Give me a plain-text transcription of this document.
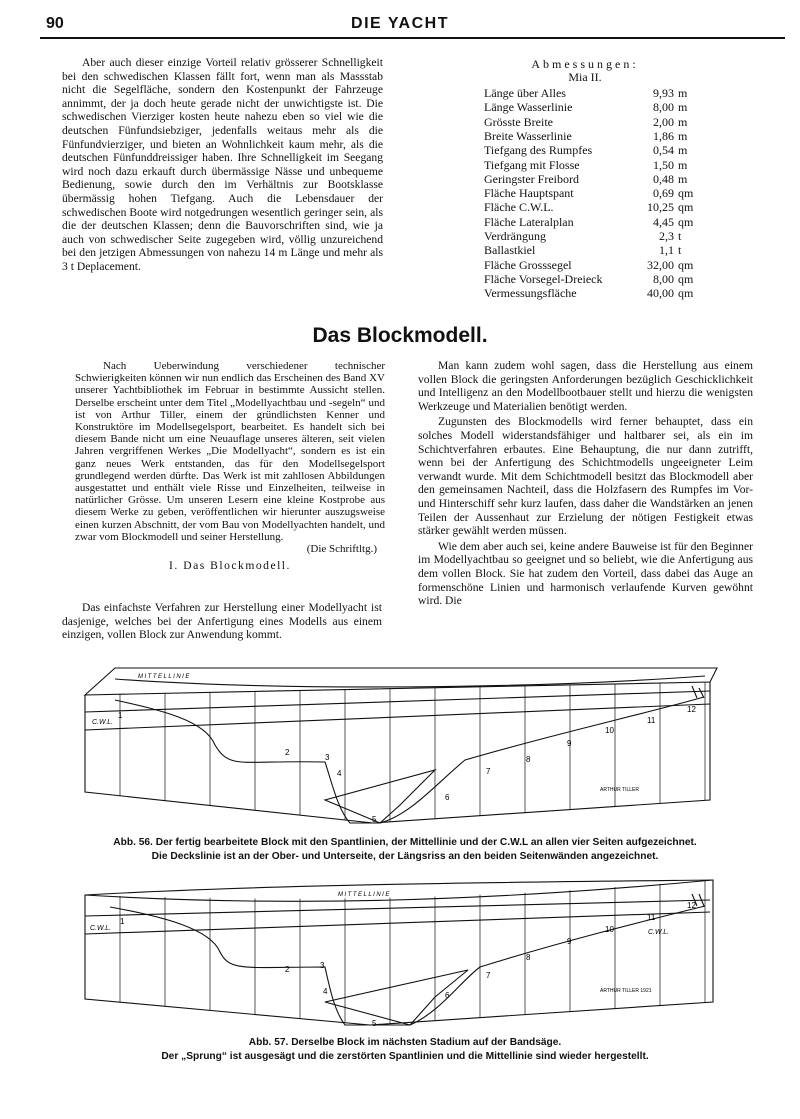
90	DIE YACHT

Aber auch dieser einzige Vorteil relativ grösserer Schnelligkeit bei den schwedischen Klassen fällt fort, wenn man als Massstab nicht die Segelfläche, sondern den Kostenpunkt der Fahrzeuge annimmt, der ja doch heute gerade nicht der unwichtigste ist. Die schwedischen Vierziger kosten heute nahezu eben so viel wie die deutschen Fünfundsiebziger, jedenfalls weitaus mehr als die Fünfundvierziger, und bieten an Wohnlichkeit kaum mehr, als die deutschen Fünfunddreissiger haben. Ihre Schnelligkeit im Seegang wird noch dazu erkauft durch übermässige Nässe und unbequeme Bedienung, sowie durch den im Verhältnis zur Bootsklasse übermässig hohen Tiefgang. Auch die Lebensdauer der schwedischen Boote wird notgedrungen wesentlich geringer sein, als die der deutschen Klassen; denn die Bauvorschriften sind, wie ja auch von schwedischer Seite zugegeben wird, völlig unzureichend bei den jetzigen Abmessungen von nahezu 14 m Länge und mehr als 3 t Deplacement.

Abmessungen:
Mia II.
Länge über Alles	9,93 m
Länge Wasserlinie	8,00 m
Grösste Breite	2,00 m
Breite Wasserlinie	1,86 m
Tiefgang des Rumpfes	0,54 m
Tiefgang mit Flosse	1,50 m
Geringster Freibord	0,48 m
Fläche Hauptspant	0,69 qm
Fläche C.W.L.	10,25 qm
Fläche Lateralplan	4,45 qm
Verdrängung	2,3 t
Ballastkiel	1,1 t
Fläche Grosssegel	32,00 qm
Fläche Vorsegel-Dreieck	8,00 qm
Vermessungsfläche	40,00 qm
Das Blockmodell.

Nach Ueberwindung verschiedener technischer Schwierigkeiten können wir nun endlich das Erscheinen des Band XV unserer Yachtbibliothek im Februar in bestimmte Aussicht stellen. Derselbe erscheint unter dem Titel „Modellyachtbau und -segeln“ und ist von Arthur Tiller, einem der gründlichsten Kenner und Konstruktöre im Modellsegelsport, bearbeitet. Es handelt sich bei diesem Bande nicht um eine Neuauflage unseres älteren, seit vielen Jahren vergriffenen Werkes „Die Modellyacht“, sondern es ist ein ganz neues Werk entstanden, das für den Modellsegelsport grundlegend werden dürfte. Das Werk ist mit zahllosen Abbildungen ausgestattet und enthält viele Risse und Einzelheiten, teilweise in natürlicher Grösse. Um unseren Lesern eine kleine Kostprobe aus diesem Werke zu geben, veröffentlichen wir hierunter auszugsweise einen kurzen Abschnitt, der vom Bau von Modellyachten handelt, und zwar vom Blockmodell und seiner Herstellung.

(Die Schriftltg.)
I. Das Blockmodell.

Das einfachste Verfahren zur Herstellung einer Modellyacht ist dasjenige, welches bei der Anfertigung eines Modells aus einem einzigen, vollen Block zur Anwendung kommt.

Man kann zudem wohl sagen, dass die Herstellung aus einem vollen Block die geringsten Anforderungen bezüglich Geschicklichkeit und Intelligenz an den Modellbootbauer stellt und hierzu die wenigsten Werkzeuge und Materialien benötigt werden.

Zugunsten des Blockmodells wird ferner behauptet, dass ein solches Modell widerstandsfähiger und haltbarer sei, als ein im Schichtverfahren erbautes. Eine Behauptung, die nur dann zutrifft, wenn bei der Anfertigung des Schichtmodells ungeeigneter Leim verwandt wurde. Mit dem Schichtmodell besitzt das Blockmodell aber den gemeinsamen Nachteil, dass die Holzfasern des Rumpfes im Vor- und Hinterschiff sehr kurz laufen, dass daher die Wandstärken an jenen Teilen der Aussenhaut zur Erzielung der nötigen Festigkeit etwas stärker gewählt werden müssen.

Wie dem aber auch sei, keine andere Bauweise ist für den Beginner im Modellyachtbau so geeignet und so beliebt, wie die Anfertigung aus dem vollen Block. Sie hat zudem den Vorteil, dass dabei das Auge an formenschöne Linien und harmonisch verlaufende Kurven gewöhnt wird. Die

MITTELLINIE
C.W.L.
ARTHUR TILLER
1
2
3
4
5
6
7
8
9
10
11
12
Abb. 56. Der fertig bearbeitete Block mit den Spantlinien, der Mittellinie und der C.W.L an allen vier Seiten aufgezeichnet.
Die Deckslinie ist an der Ober- und Unterseite, der Längsriss an den beiden Seitenwänden angezeichnet.
MITTELLINIE
C.W.L.
C.W.L.
ARTHUR TILLER 1921
1
2	3
4
5
6
7
8
9
10
11
12
Abb. 57. Derselbe Block im nächsten Stadium auf der Bandsäge.
Der „Sprung“ ist ausgesägt und die zerstörten Spantlinien und die Mittellinie sind wieder hergestellt.
